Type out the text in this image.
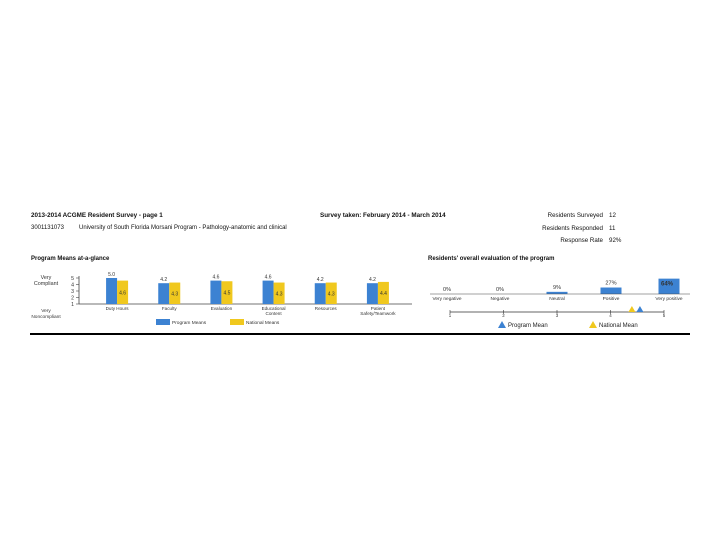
2013-2014 ACGME Resident Survey - page 1
3001131073	University of South Florida Morsani Program - Pathology-anatomic and clinical
Survey taken: February 2014 - March 2014	Residents Surveyed 12
Residents Responded 11
Response Rate 92%
Program Means at-a-glance	Residents' overall evaluation of the program
5
4
3
2
1
Very
Compliant
Very
Noncompliant
5.0
4.6
Duty Hours
4.2
4.3
Faculty
4.6
4.5
Evaluation
4.6
4.3
Educational
Content
4.2
4.3
Resources
4.2
4.4
Patient
Safety/Teamwork
Program Means	National Means
0%
Very negative
0%
Negative
9%
Neutral
27%
Positive
64%
Very positive
1	2	3	4	5
Program Mean	National Mean
